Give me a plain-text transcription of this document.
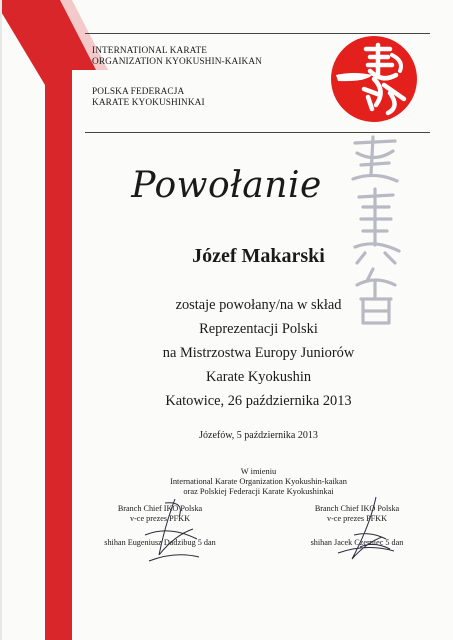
INTERNATIONAL KARATE
ORGANIZATION KYOKUSHIN-KAIKAN
POLSKA FEDERACJA
KARATE KYOKUSHINKAI
Powołanie
Józef Makarski
zostaje powołany/na w skład
Reprezentacji Polski
na Mistrzostwa Europy Juniorów
Karate Kyokushin
Katowice, 26 października 2013
Józefów, 5 października 2013
W imieniu
International Karate Organization Kyokushin-kaikan
oraz Polskiej Federacji Karate Kyokushinkai
Branch Chief IKO Polska
v-ce prezes PFKK
shihan Eugeniusz Dadzibug 5 dan
Branch Chief IKO Polska
v-ce prezes PFKK
shihan Jacek Czerniec 5 dan
